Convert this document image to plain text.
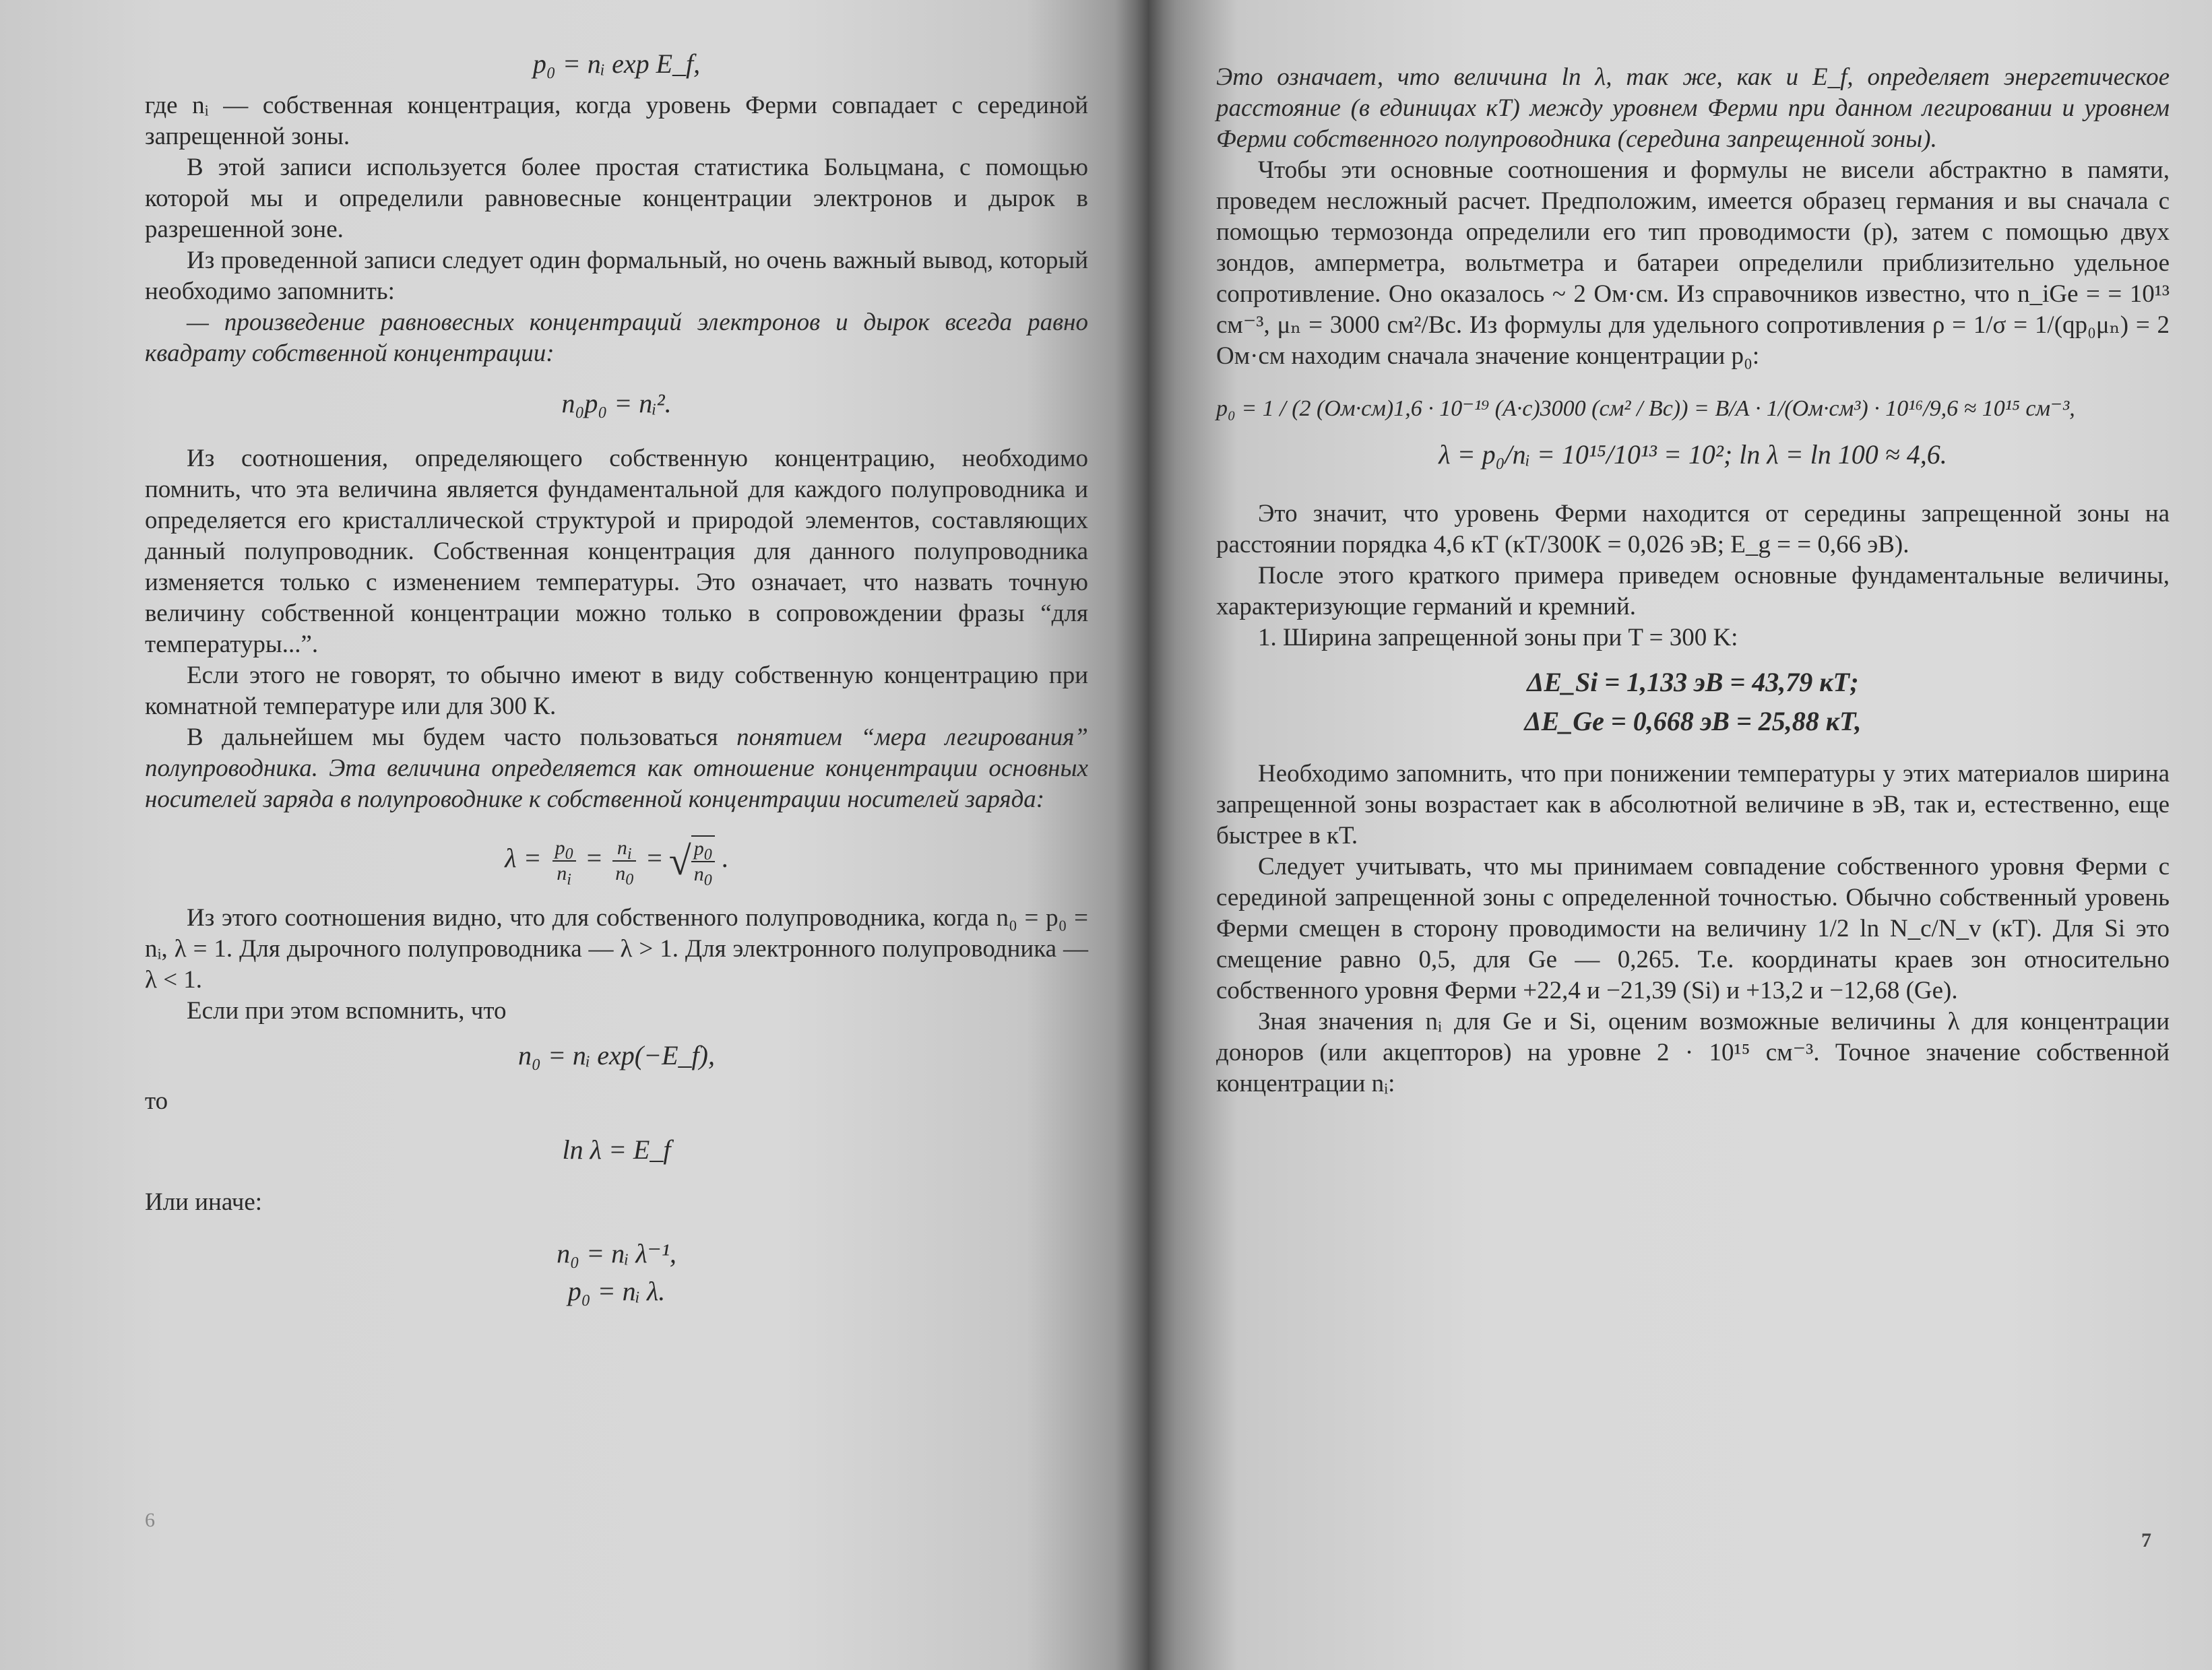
p₀ = nᵢ exp E_f,

где nᵢ — собственная концентрация, когда уровень Ферми совпадает с серединой запрещенной зоны.

В этой записи используется более простая статистика Больцмана, с помощью которой мы и определили равновесные концентрации электронов и дырок в разрешенной зоне.

Из проведенной записи следует один формальный, но очень важный вывод, который необходимо запомнить:

— произведение равновесных концентраций электронов и дырок всегда равно квадрату собственной концентрации:

n₀p₀ = nᵢ².

Из соотношения, определяющего собственную концентрацию, необходимо помнить, что эта величина является фундаментальной для каждого полупроводника и определяется его кристаллической структурой и природой элементов, составляющих данный полупроводник. Собственная концентрация для данного полупроводника изменяется только с изменением температуры. Это означает, что назвать точную величину собственной концентрации можно только в сопровождении фразы “для температуры...”.

Если этого не говорят, то обычно имеют в виду собственную концентрацию при комнатной температуре или для 300 К.

В дальнейшем мы будем часто пользоваться понятием “мера легирования” полупроводника. Эта величина определяется как отношение концентрации основных носителей заряда в полупроводнике к собственной концентрации носителей заряда:

$\lambda = \frac{p_0}{n_i} = \frac{n_i}{n_0}$ = √ $\frac{p_0}{n_0}$ .

Из этого соотношения видно, что для собственного полупроводника, когда n₀ = p₀ = nᵢ, λ = 1. Для дырочного полупроводника — λ > 1. Для электронного полупроводника — λ < 1.

Если при этом вспомнить, что

n₀ = nᵢ exp(−E_f),

то

ln λ = E_f

Или иначе:

n₀ = nᵢ λ⁻¹,
p₀ = nᵢ λ.
6

Это означает, что величина ln λ, так же, как и E_f, определяет энергетическое расстояние (в единицах кТ) между уровнем Ферми при данном легировании и уровнем Ферми собственного полупроводника (середина запрещенной зоны).

Чтобы эти основные соотношения и формулы не висели абстрактно в памяти, проведем несложный расчет. Предположим, имеется образец германия и вы сначала с помощью термозонда определили его тип проводимости (p), затем с помощью двух зондов, амперметра, вольтметра и батареи определили приблизительно удельное сопротивление. Оно оказалось ~ 2 Ом·см. Из справочников известно, что n_iGe = = 10¹³ см⁻³, μₙ = 3000 см²/Вс. Из формулы для удельного сопротивления ρ = 1/σ = 1/(qp₀μₙ) = 2 Ом·см находим сначала значение концентрации p₀:

p₀ = 1 / (2 (Ом·см)1,6 · 10⁻¹⁹ (А·с)3000 (см² / Вс)) = В/А · 1/(Ом·см³) · 10¹⁶/9,6 ≈ 10¹⁵ см⁻³,
λ = p₀/nᵢ = 10¹⁵/10¹³ = 10²; ln λ = ln 100 ≈ 4,6.

Это значит, что уровень Ферми находится от середины запрещенной зоны на расстоянии порядка 4,6 кТ (кТ/300К = 0,026 эВ; E_g = = 0,66 эВ).

После этого краткого примера приведем основные фундаментальные величины, характеризующие германий и кремний.

1. Ширина запрещенной зоны при T = 300 K:

ΔE_Si = 1,133 эВ = 43,79 кТ;
ΔE_Ge = 0,668 эВ = 25,88 кТ,

Необходимо запомнить, что при понижении температуры у этих материалов ширина запрещенной зоны возрастает как в абсолютной величине в эВ, так и, естественно, еще быстрее в кТ.

Следует учитывать, что мы принимаем совпадение собственного уровня Ферми с серединой запрещенной зоны с определенной точностью. Обычно собственный уровень Ферми смещен в сторону проводимости на величину 1/2 ln N_c/N_v (кТ). Для Si это смещение равно 0,5, для Ge — 0,265. Т.е. координаты краев зон относительно собственного уровня Ферми +22,4 и −21,39 (Si) и +13,2 и −12,68 (Ge).

Зная значения nᵢ для Ge и Si, оценим возможные величины λ для концентрации доноров (или акцепторов) на уровне 2 · 10¹⁵ см⁻³. Точное значение собственной концентрации nᵢ:

7
